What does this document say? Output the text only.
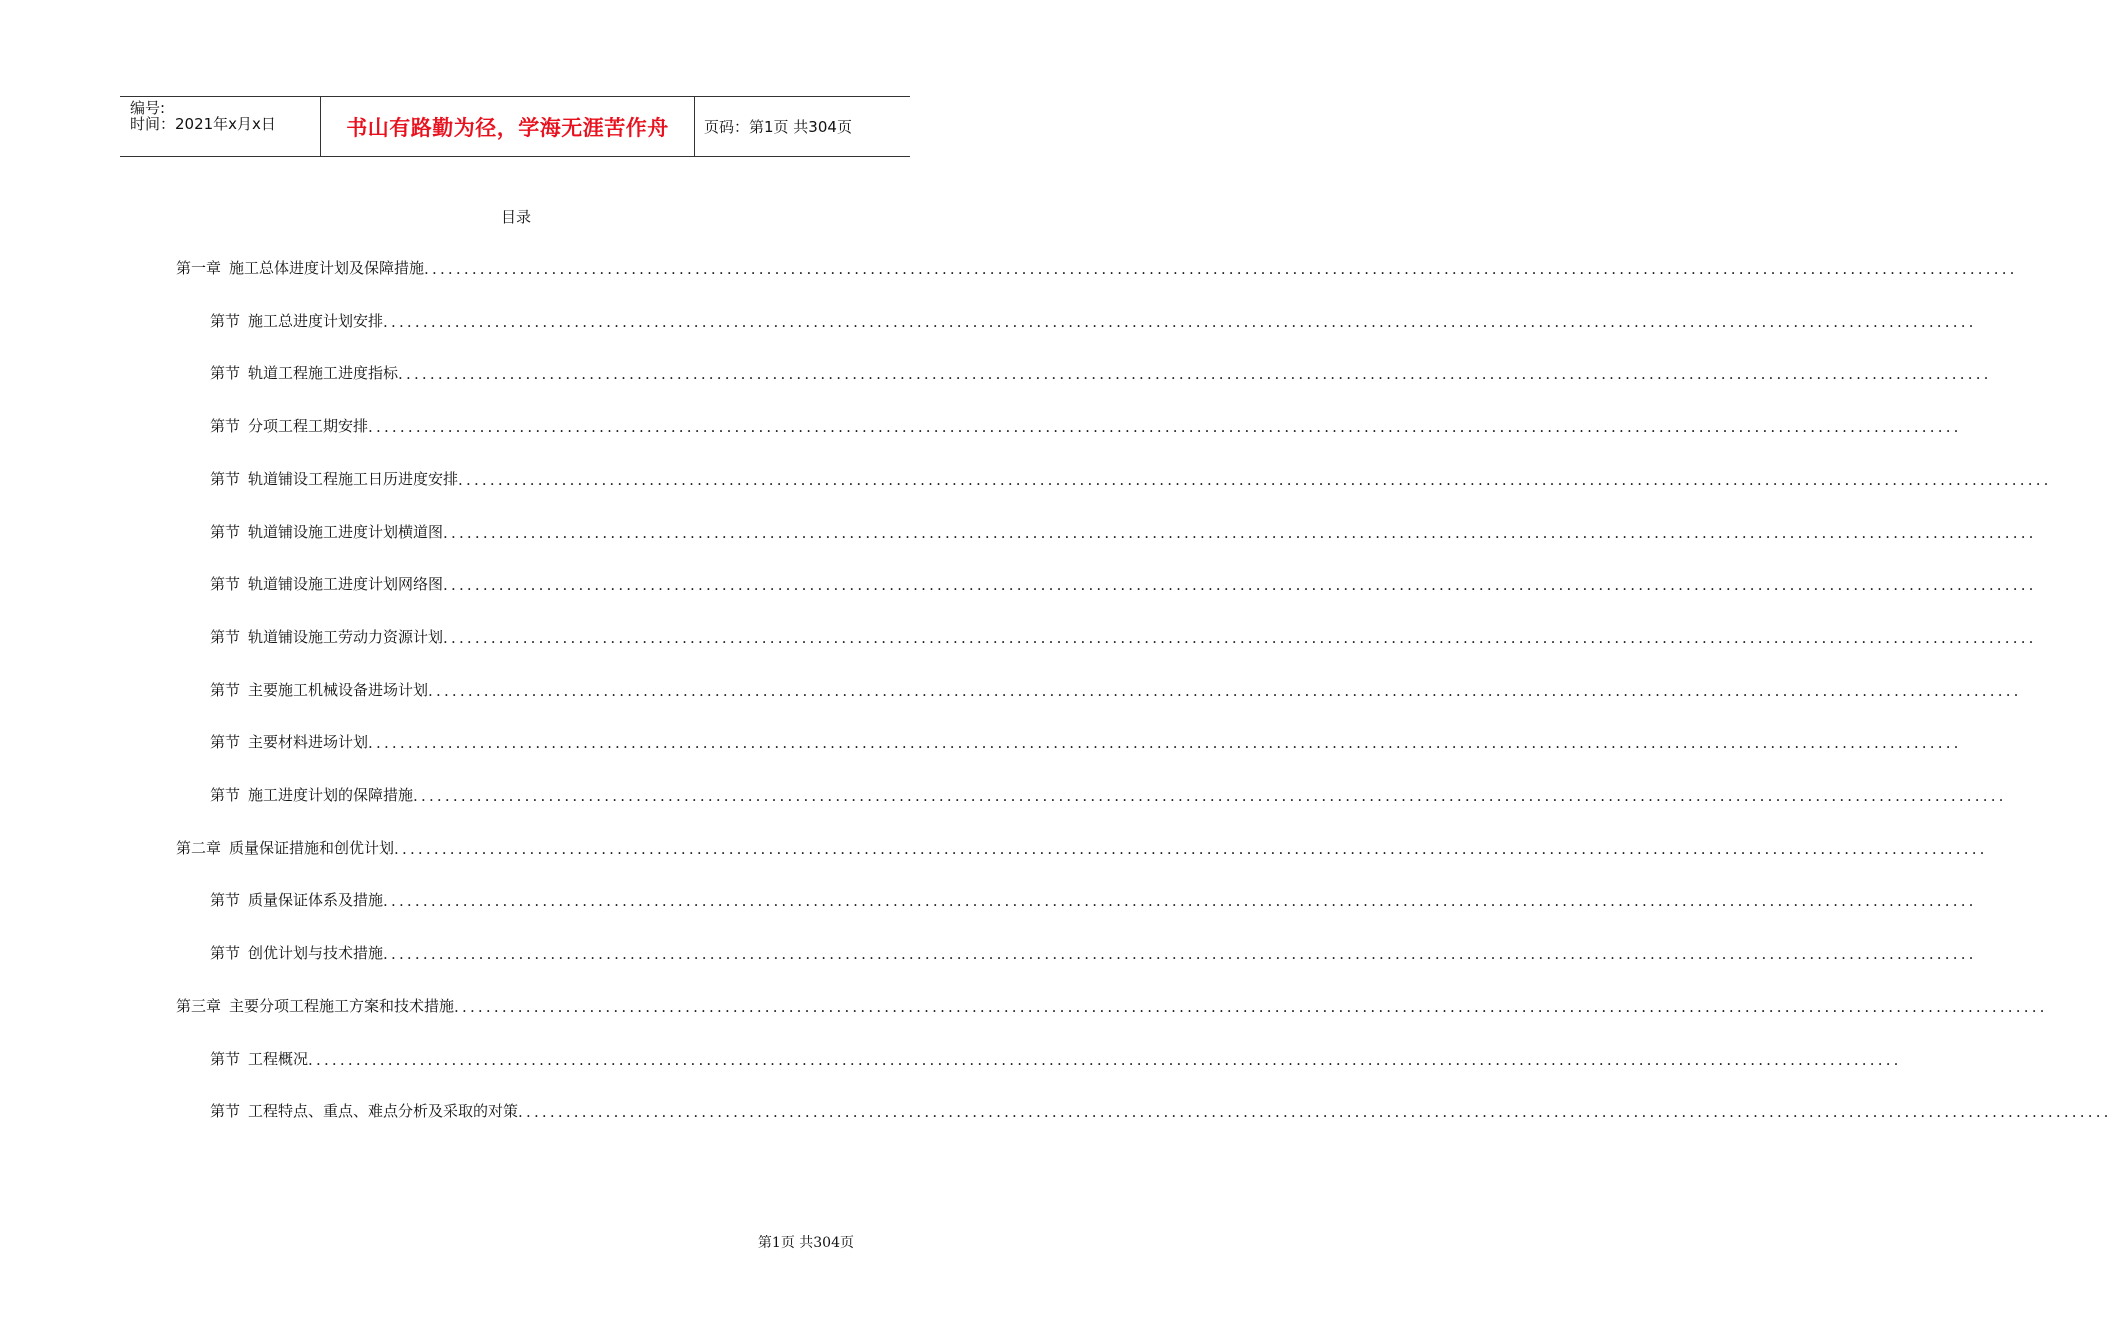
编号:
时间：2021年x月x日	书山有路勤为径，学海无涯苦作舟	页码：第1页 共304页
目录
第一章 施工总体进度计划及保障措施 ........................................................................................................................................................................................................
第节 施工总进度计划安排 ........................................................................................................................................................................................................
第节 轨道工程施工进度指标 ........................................................................................................................................................................................................
第节 分项工程工期安排 ........................................................................................................................................................................................................
第节 轨道铺设工程施工日历进度安排 ........................................................................................................................................................................................................
第节 轨道铺设施工进度计划横道图 ........................................................................................................................................................................................................
第节 轨道铺设施工进度计划网络图 ........................................................................................................................................................................................................
第节 轨道铺设施工劳动力资源计划 ........................................................................................................................................................................................................
第节 主要施工机械设备进场计划 ........................................................................................................................................................................................................
第节 主要材料进场计划 ........................................................................................................................................................................................................
第节 施工进度计划的保障措施 ........................................................................................................................................................................................................
第二章 质量保证措施和创优计划 ........................................................................................................................................................................................................
第节 质量保证体系及措施 ........................................................................................................................................................................................................
第节 创优计划与技术措施 ........................................................................................................................................................................................................
第三章 主要分项工程施工方案和技术措施 ........................................................................................................................................................................................................
第节 工程概况 ........................................................................................................................................................................................................
第节 工程特点、重点、难点分析及采取的对策 ........................................................................................................................................................................................................
第1页 共304页
